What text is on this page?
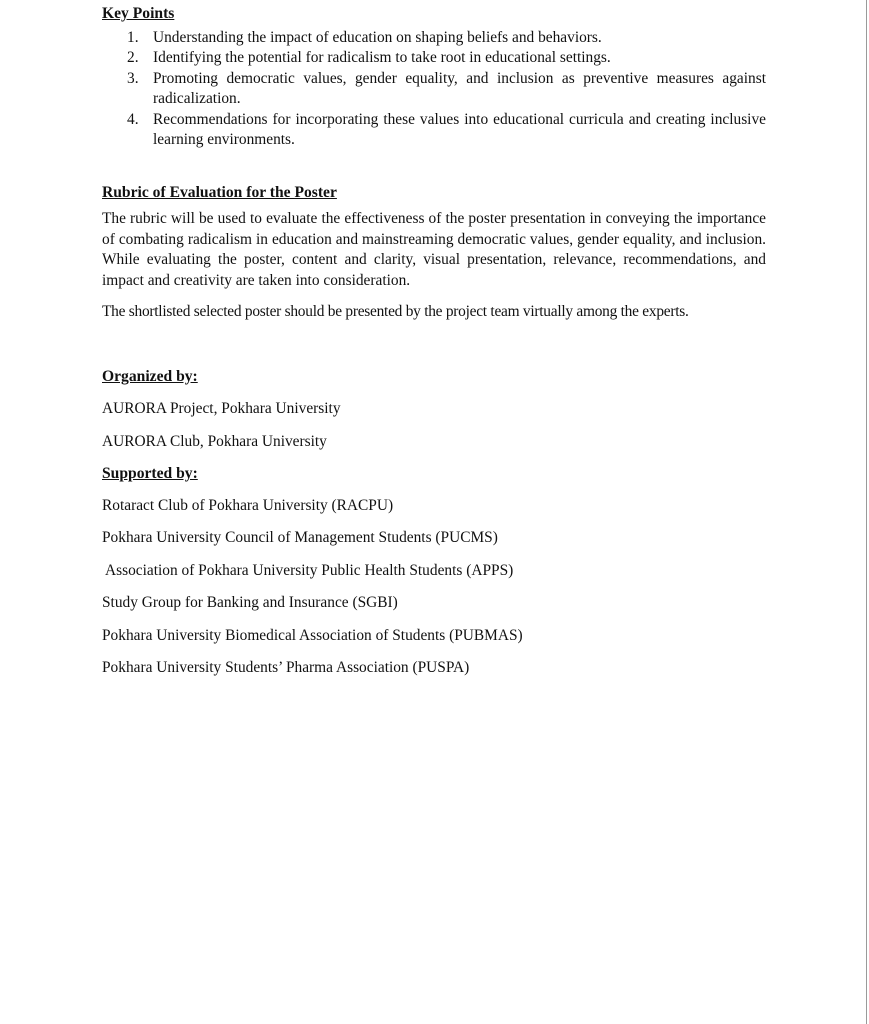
Key Points
1. Understanding the impact of education on shaping beliefs and behaviors.
2. Identifying the potential for radicalism to take root in educational settings.
3. Promoting democratic values, gender equality, and inclusion as preventive measures against radicalization.
4. Recommendations for incorporating these values into educational curricula and creating inclusive learning environments.
Rubric of Evaluation for the Poster

The rubric will be used to evaluate the effectiveness of the poster presentation in conveying the importance of combating radicalism in education and mainstreaming democratic values, gender equality, and inclusion. While evaluating the poster, content and clarity, visual presentation, relevance, recommendations, and impact and creativity are taken into consideration.

The shortlisted selected poster should be presented by the project team virtually among the experts.

Organized by:

AURORA Project, Pokhara University

AURORA Club, Pokhara University

Supported by:

Rotaract Club of Pokhara University (RACPU)

Pokhara University Council of Management Students (PUCMS)

Association of Pokhara University Public Health Students (APPS)

Study Group for Banking and Insurance (SGBI)

Pokhara University Biomedical Association of Students (PUBMAS)

Pokhara University Students’ Pharma Association (PUSPA)
